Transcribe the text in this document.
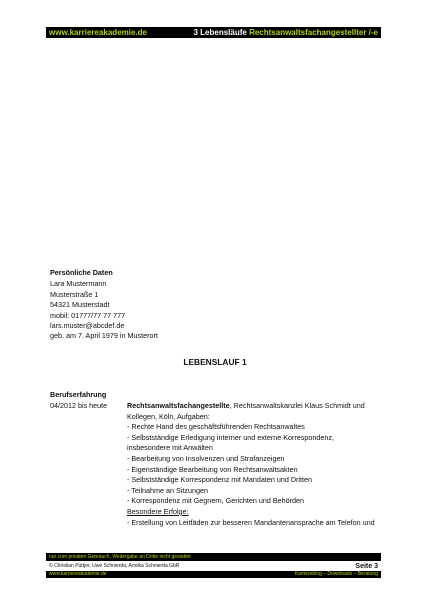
www.karriereakademie.de	3 Lebensläufe Rechtsanwaltsfachangestellter /-e
Persönliche Daten
Lara Mustermann
Musterstraße 1
54321 Musterstadt
mobil: 01777/77 77 777
lars.muster@abcdef.de
geb. am 7. April 1979 in Musterort
LEBENSLAUF 1
Berufserfahrung
04/2012 bis heute	Rechtsanwaltsfachangestellte, Rechtsanwaltskanzlei Klaus Schmidt und
Kollegen, Köln, Aufgaben:
- Rechte Hand des geschäftsführenden Rechtsanwaltes
- Selbstständige Erledigung interner und externe Korrespondenz,
insbesondere mit Anwälten
- Bearbeitung von Insolvenzen und Strafanzeigen
- Eigenständige Bearbeitung von Rechtsanwaltsakten
- Selbstständige Korrespondenz mit Mandaten und Dritten
- Teilnahme an Sitzungen
- Korrespondenz mit Gegnern, Gerichten und Behörden
Besondere Erfolge:
- Erstellung von Leitfäden zur besseren Mandantenansprache am Telefon und
nur zum privaten Gebrauch, Weitergabe an Dritte nicht gestattet
© Christian Püttjer, Uwe Schnierda, Annika Schnierda GbR	Seite 3
www.karriereakademie.de	Karriereblog – Downloads – Beratung
